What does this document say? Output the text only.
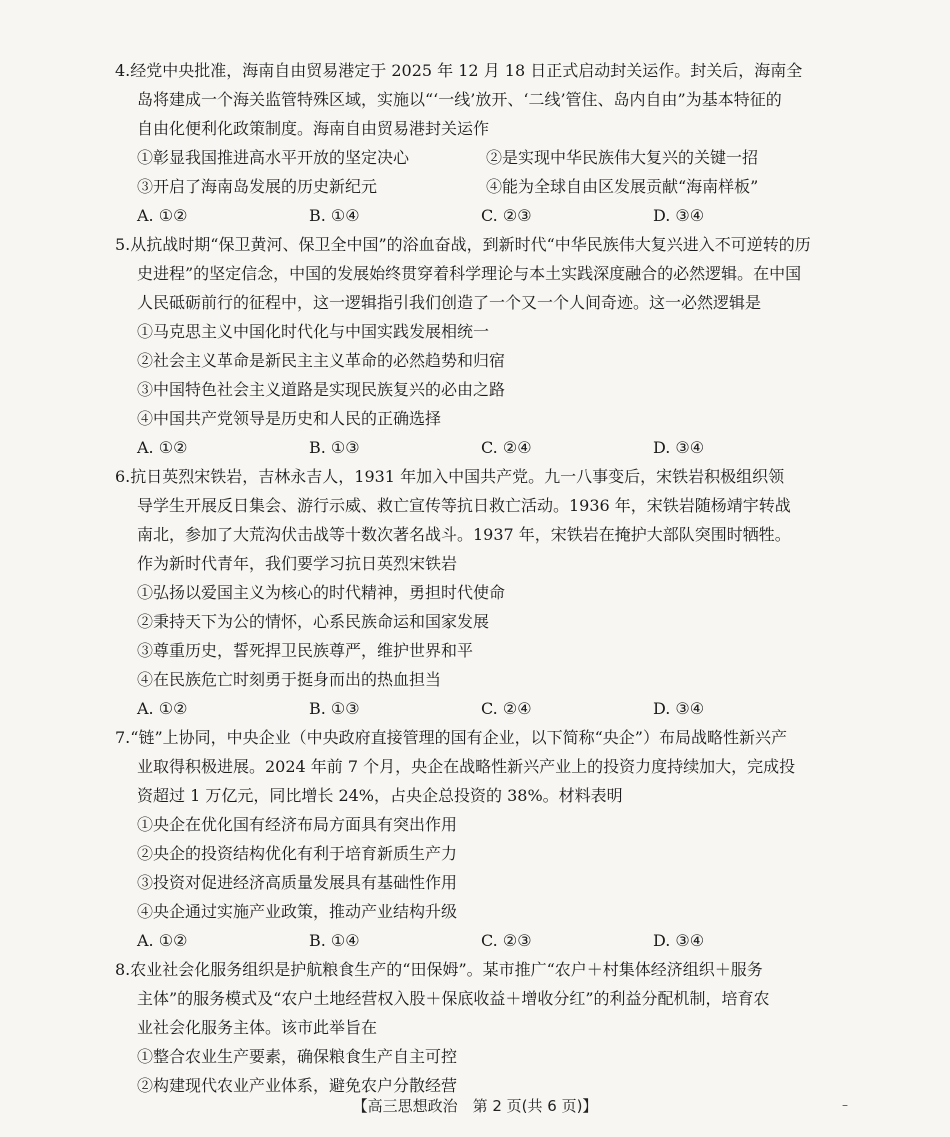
4.经党中央批准，海南自由贸易港定于 2025 年 12 月 18 日正式启动封关运作。封关后，海南全
岛将建成一个海关监管特殊区域，实施以“‘一线’放开、‘二线’管住、岛内自由”为基本特征的
自由化便利化政策制度。海南自由贸易港封关运作
①彰显我国推进高水平开放的坚定决心	②是实现中华民族伟大复兴的关键一招
③开启了海南岛发展的历史新纪元	④能为全球自由区发展贡献“海南样板”
A. ①②	B. ①④	C. ②③	D. ③④
5.从抗战时期“保卫黄河、保卫全中国”的浴血奋战，到新时代“中华民族伟大复兴进入不可逆转的历
史进程”的坚定信念，中国的发展始终贯穿着科学理论与本土实践深度融合的必然逻辑。在中国
人民砥砺前行的征程中，这一逻辑指引我们创造了一个又一个人间奇迹。这一必然逻辑是
①马克思主义中国化时代化与中国实践发展相统一
②社会主义革命是新民主主义革命的必然趋势和归宿
③中国特色社会主义道路是实现民族复兴的必由之路
④中国共产党领导是历史和人民的正确选择
A. ①②	B. ①③	C. ②④	D. ③④
6.抗日英烈宋铁岩，吉林永吉人，1931 年加入中国共产党。九一八事变后，宋铁岩积极组织领
导学生开展反日集会、游行示威、救亡宣传等抗日救亡活动。1936 年，宋铁岩随杨靖宇转战
南北，参加了大荒沟伏击战等十数次著名战斗。1937 年，宋铁岩在掩护大部队突围时牺牲。
作为新时代青年，我们要学习抗日英烈宋铁岩
①弘扬以爱国主义为核心的时代精神，勇担时代使命
②秉持天下为公的情怀，心系民族命运和国家发展
③尊重历史，誓死捍卫民族尊严，维护世界和平
④在民族危亡时刻勇于挺身而出的热血担当
A. ①②	B. ①③	C. ②④	D. ③④
7.“链”上协同，中央企业（中央政府直接管理的国有企业，以下简称“央企”）布局战略性新兴产
业取得积极进展。2024 年前 7 个月，央企在战略性新兴产业上的投资力度持续加大，完成投
资超过 1 万亿元，同比增长 24%，占央企总投资的 38%。材料表明
①央企在优化国有经济布局方面具有突出作用
②央企的投资结构优化有利于培育新质生产力
③投资对促进经济高质量发展具有基础性作用
④央企通过实施产业政策，推动产业结构升级
A. ①②	B. ①④	C. ②③	D. ③④
8.农业社会化服务组织是护航粮食生产的“田保姆”。某市推广“农户＋村集体经济组织＋服务
主体”的服务模式及“农户土地经营权入股＋保底收益＋增收分红”的利益分配机制，培育农
业社会化服务主体。该市此举旨在
①整合农业生产要素，确保粮食生产自主可控
②构建现代农业产业体系，避免农户分散经营
【高三思想政治　第 2 页(共 6 页)】	–
